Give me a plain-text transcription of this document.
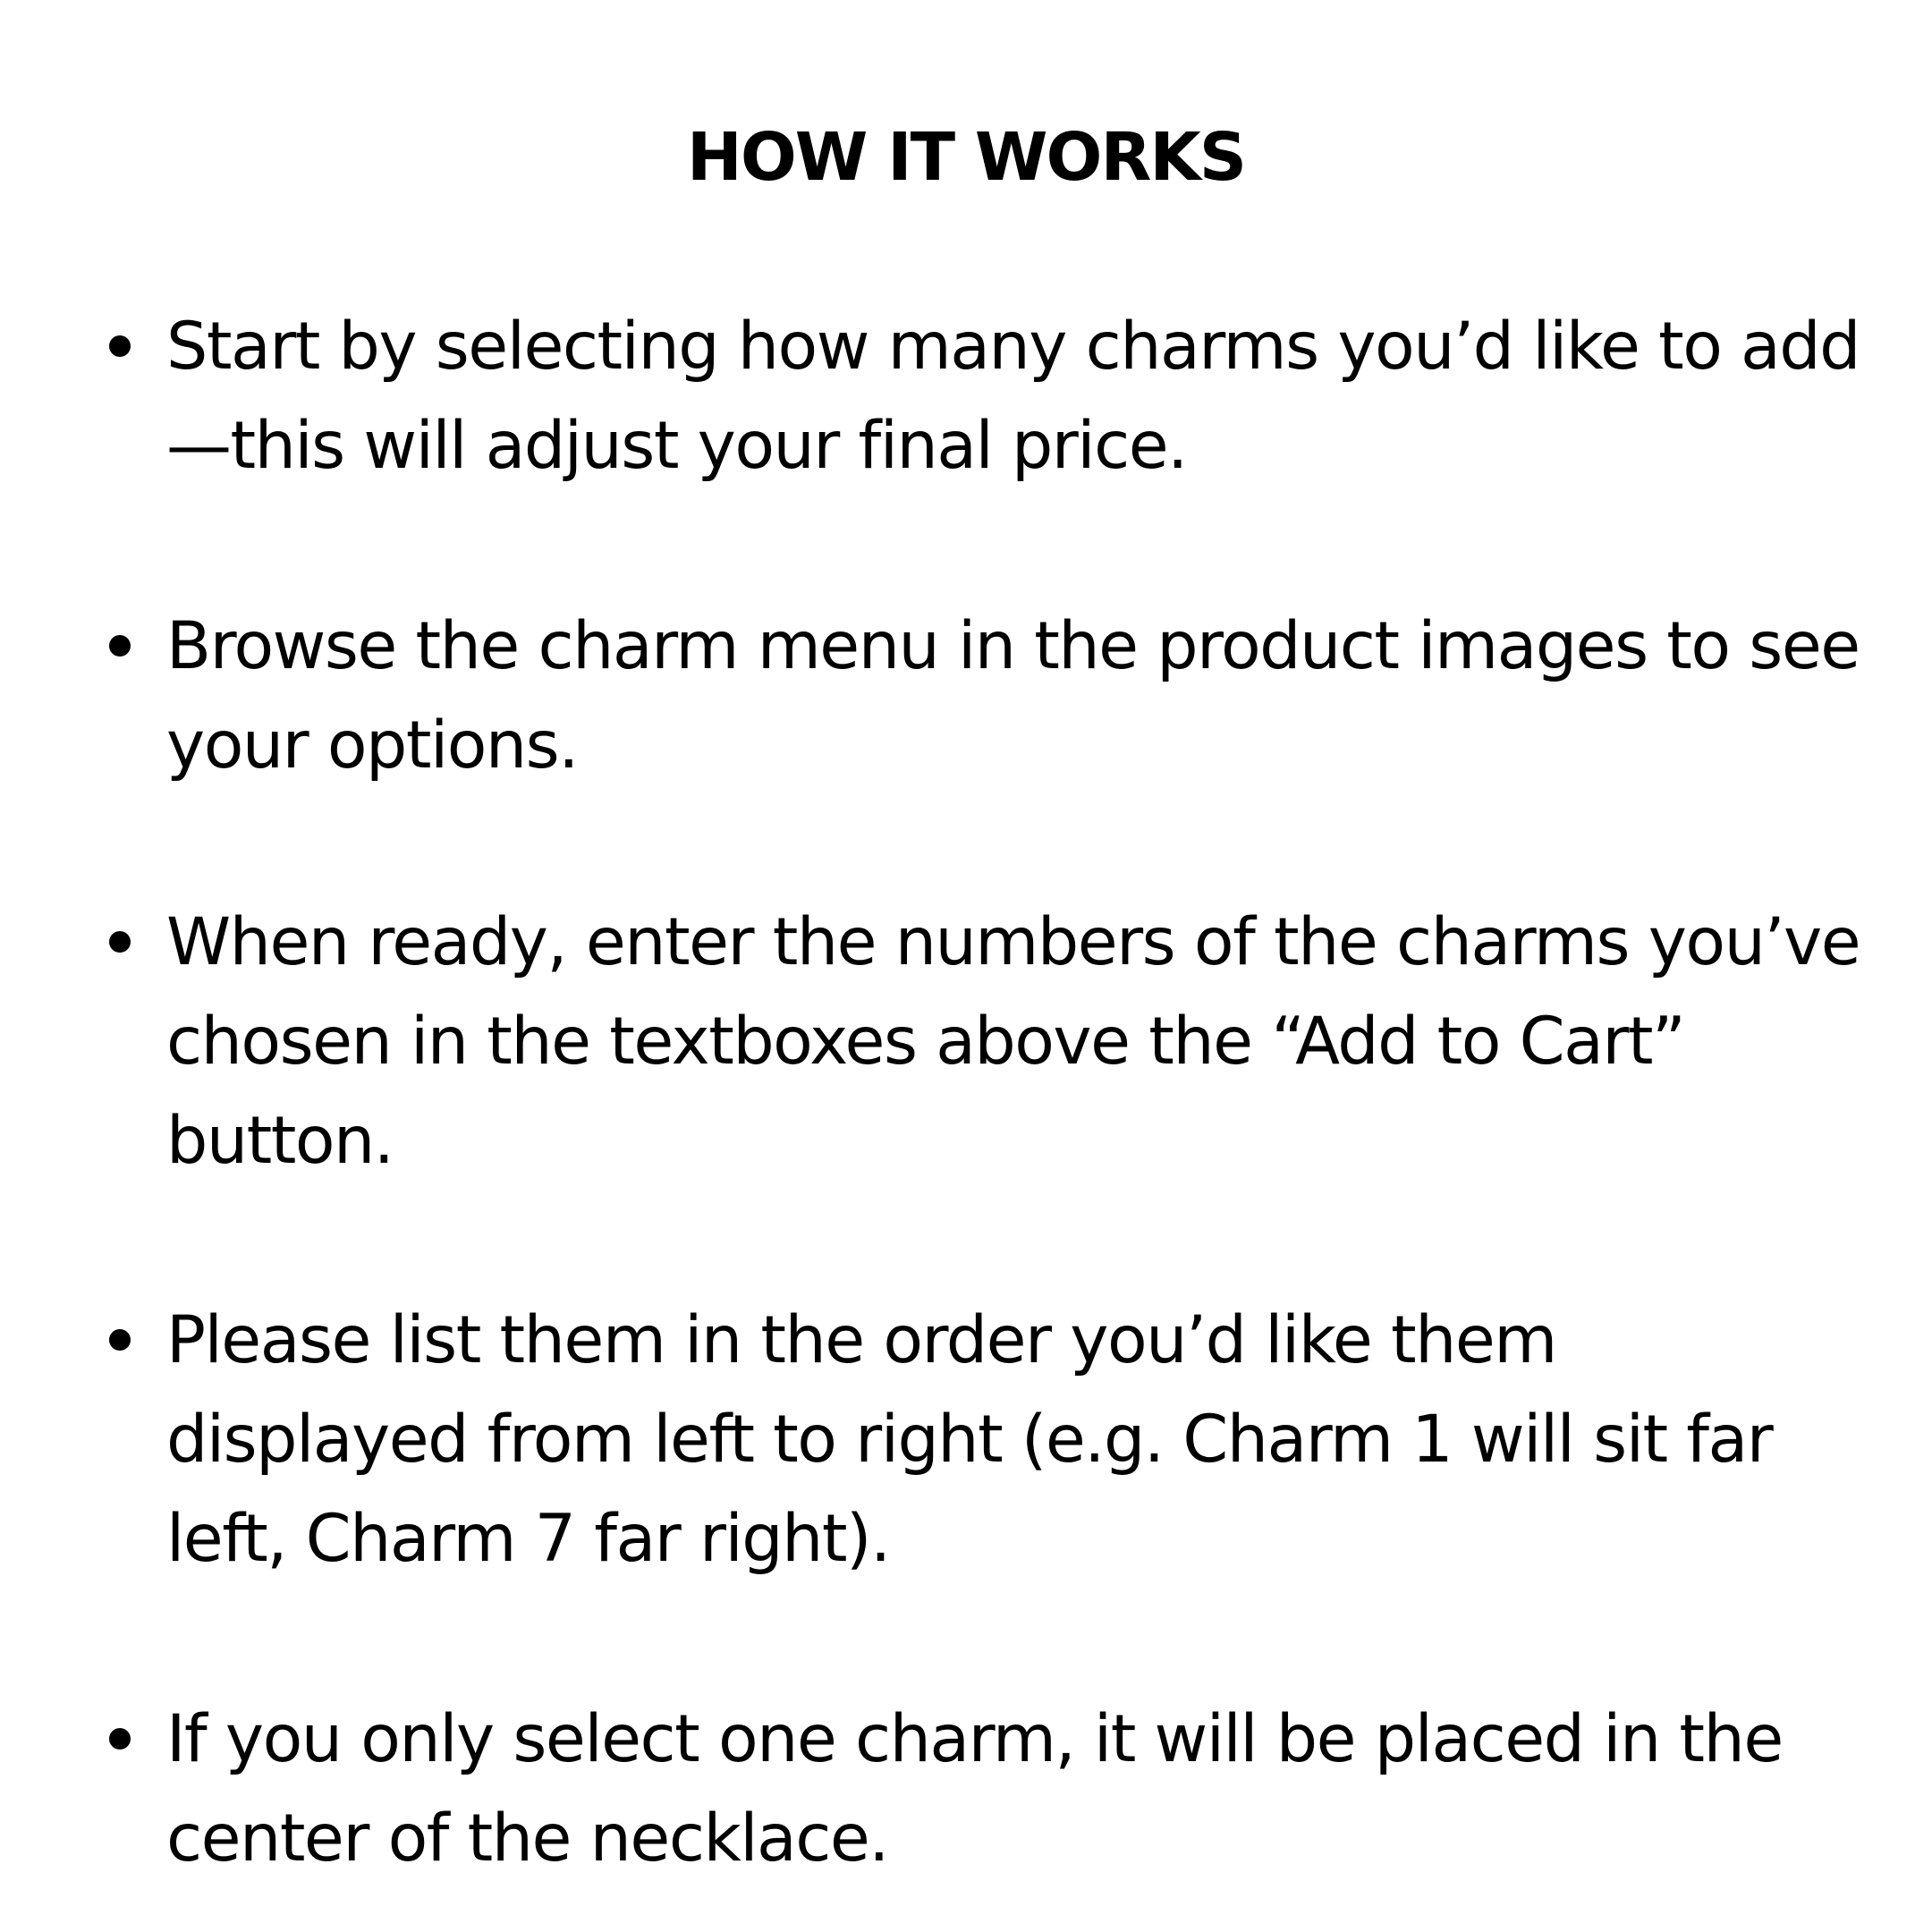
HOW IT WORKS

Start by selecting how many charms you’d like to add—this will adjust your final price.

Browse the charm menu in the product images to see your options.

When ready, enter the numbers of the charms you’ve chosen in the textboxes above the “Add to Cart” button.

Please list them in the order you’d like them displayed from left to right (e.g. Charm 1 will sit far left, Charm 7 far right).

If you only select one charm, it will be placed in the center of the necklace.
